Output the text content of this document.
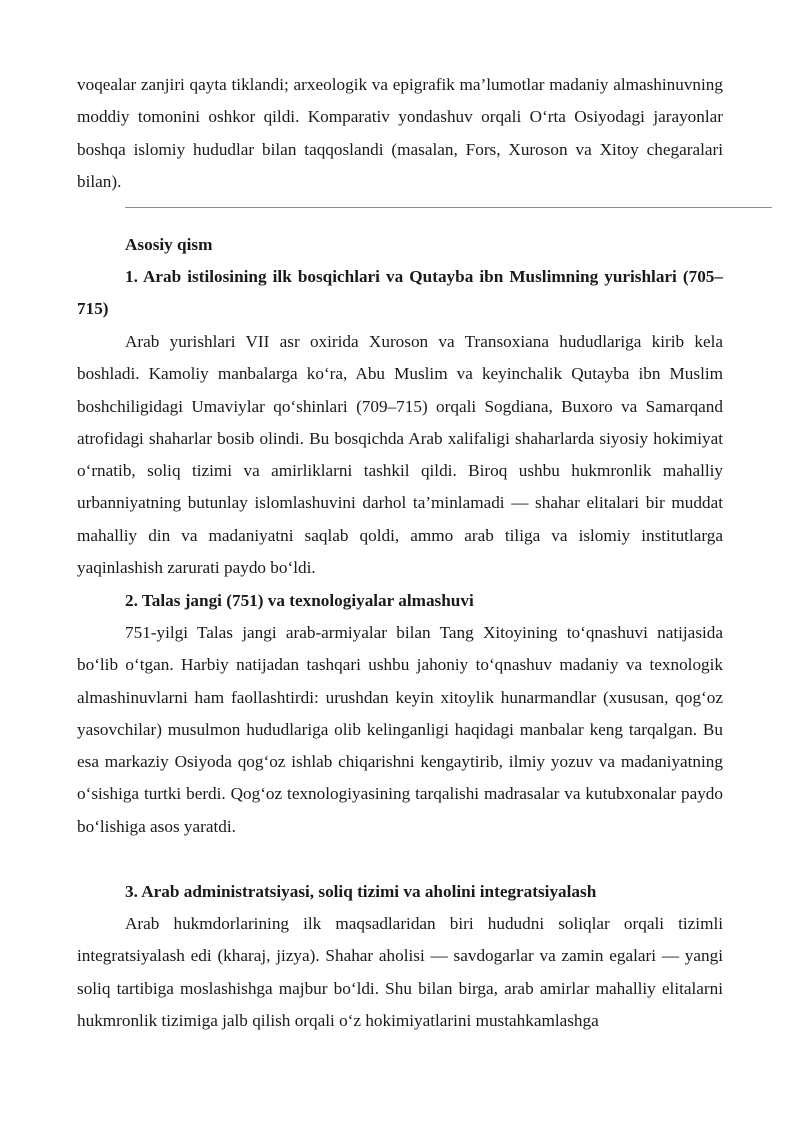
voqealar zanjiri qayta tiklandi; arxeologik va epigrafik ma’lumotlar madaniy almashinuvning moddiy tomonini oshkor qildi. Komparativ yondashuv orqali O‘rta Osiyodagi jarayonlar boshqa islomiy hududlar bilan taqqoslandi (masalan, Fors, Xuroson va Xitoy chegaralari bilan).

Asosiy qism

1. Arab istilosining ilk bosqichlari va Qutayba ibn Muslimning yurishlari (705–715)

Arab yurishlari VII asr oxirida Xuroson va Transoxiana hududlariga kirib kela boshladi. Kamoliy manbalarga ko‘ra, Abu Muslim va keyinchalik Qutayba ibn Muslim boshchiligidagi Umaviylar qo‘shinlari (709–715) orqali Sogdiana, Buxoro va Samarqand atrofidagi shaharlar bosib olindi. Bu bosqichda Arab xalifaligi shaharlarda siyosiy hokimiyat o‘rnatib, soliq tizimi va amirliklarni tashkil qildi. Biroq ushbu hukmronlik mahalliy urbanniyatning butunlay islomlashuvini darhol ta’minlamadi — shahar elitalari bir muddat mahalliy din va madaniyatni saqlab qoldi, ammo arab tiliga va islomiy institutlarga yaqinlashish zarurati paydo bo‘ldi.

2. Talas jangi (751) va texnologiyalar almashuvi

751-yilgi Talas jangi arab-armiyalar bilan Tang Xitoyining to‘qnashuvi natijasida bo‘lib o‘tgan. Harbiy natijadan tashqari ushbu jahoniy to‘qnashuv madaniy va texnologik almashinuvlarni ham faollashtirdi: urushdan keyin xitoylik hunarmandlar (xususan, qog‘oz yasovchilar) musulmon hududlariga olib kelinganligi haqidagi manbalar keng tarqalgan. Bu esa markaziy Osiyoda qog‘oz ishlab chiqarishni kengaytirib, ilmiy yozuv va madaniyatning o‘sishiga turtki berdi. Qog‘oz texnologiyasining tarqalishi madrasalar va kutubxonalar paydo bo‘lishiga asos yaratdi.

3. Arab administratsiyasi, soliq tizimi va aholini integratsiyalash

Arab hukmdorlarining ilk maqsadlaridan biri hududni soliqlar orqali tizimli integratsiyalash edi (kharaj, jizya). Shahar aholisi — savdogarlar va zamin egalari — yangi soliq tartibiga moslashishga majbur bo‘ldi. Shu bilan birga, arab amirlar mahalliy elitalarni hukmronlik tizimiga jalb qilish orqali o‘z hokimiyatlarini mustahkamlashga
